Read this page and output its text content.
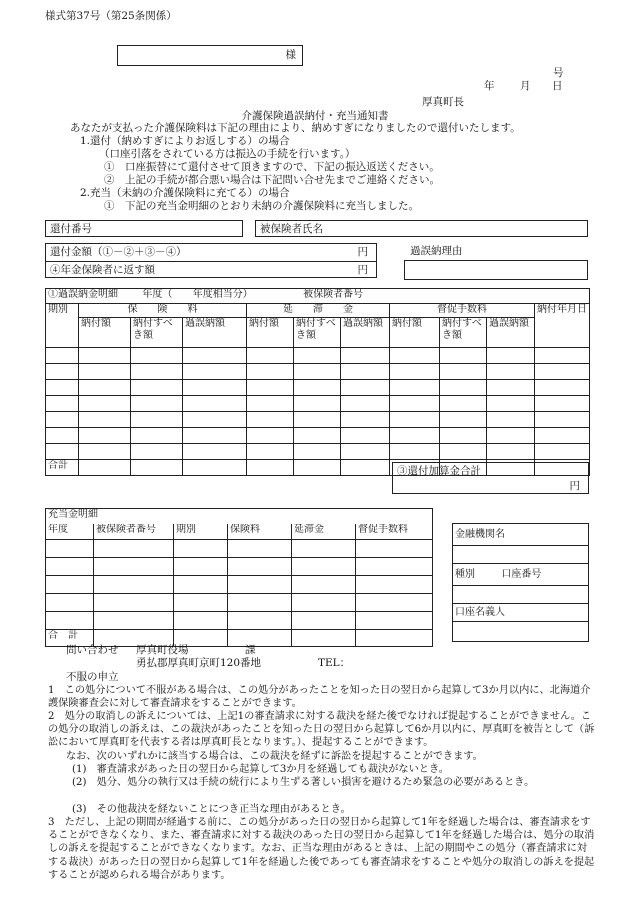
様式第37号（第25条関係）
様
号
年 月 日
厚真町長
介護保険過誤納付・充当通知書
あなたが支払った介護保険料は下記の理由により、納めすぎになりましたので還付いたします。
1.還付（納めすぎによりお返しする）の場合
（口座引落をされている方は振込の手続を行います。）
①　口座振替にて還付させて頂きますので、下記の振込返送ください。
②　上記の手続が都合悪い場合は下記問い合せ先までご連絡ください。
2.充当（未納の介護保険料に充てる）の場合
①　下記の充当金明細のとおり未納の介護保険料に充当しました。
還付番号	被保険者氏名
還付金額（①－②＋③－④）	円
④年金保険者に返す額	円
過誤納理由
①過誤納金明細 年度（ 年度相当分） 被保険者番号										
期別	保　　険　　料			延　　滞　　金			督促手数料			納付年月日
	納付額	納付すべき額	過誤納額	納付額	納付すべき額	過誤納額	納付額	納付すべき額	過誤納額	

合計											③還付加算金合計
円
充当金明細					
年度	被保険者番号	期別	保険料	延滞金	督促手数料

合　計					
金融機関名

種別	口座番号

口座名義人

問い合わせ 厚真町役場	課
勇払郡厚真町京町120番地	TEL：
不服の申立

1　この処分について不服がある場合は、この処分があったことを知った日の翌日から起算して3か月以内に、北海道介護保険審査会に対して審査請求をすることができます。

2　処分の取消しの訴えについては、上記1の審査請求に対する裁決を経た後でなければ提起することができません。この処分の取消しの訴えは、この裁決があったことを知った日の翌日から起算して6か月以内に、厚真町を被告として（訴訟において厚真町を代表する者は厚真町長となります。）、提起することができます。

なお、次のいずれかに該当する場合は、この裁決を経ずに訴訟を提起することができます。

(1)　審査請求があった日の翌日から起算して3か月を経過しても裁決がないとき。

(2)　処分、処分の執行又は手続の続行により生ずる著しい損害を避けるため緊急の必要があるとき。

(3)　その他裁決を経ないことにつき正当な理由があるとき。

3　ただし、上記の期間が経過する前に、この処分があった日の翌日から起算して1年を経過した場合は、審査請求をすることができなくなり、また、審査請求に対する裁決のあった日の翌日から起算して1年を経過した場合は、処分の取消しの訴えを提起することができなくなります。なお、正当な理由があるときは、上記の期間やこの処分（審査請求に対する裁決）があった日の翌日から起算して1年を経過した後であっても審査請求をすることや処分の取消しの訴えを提起することが認められる場合があります。
